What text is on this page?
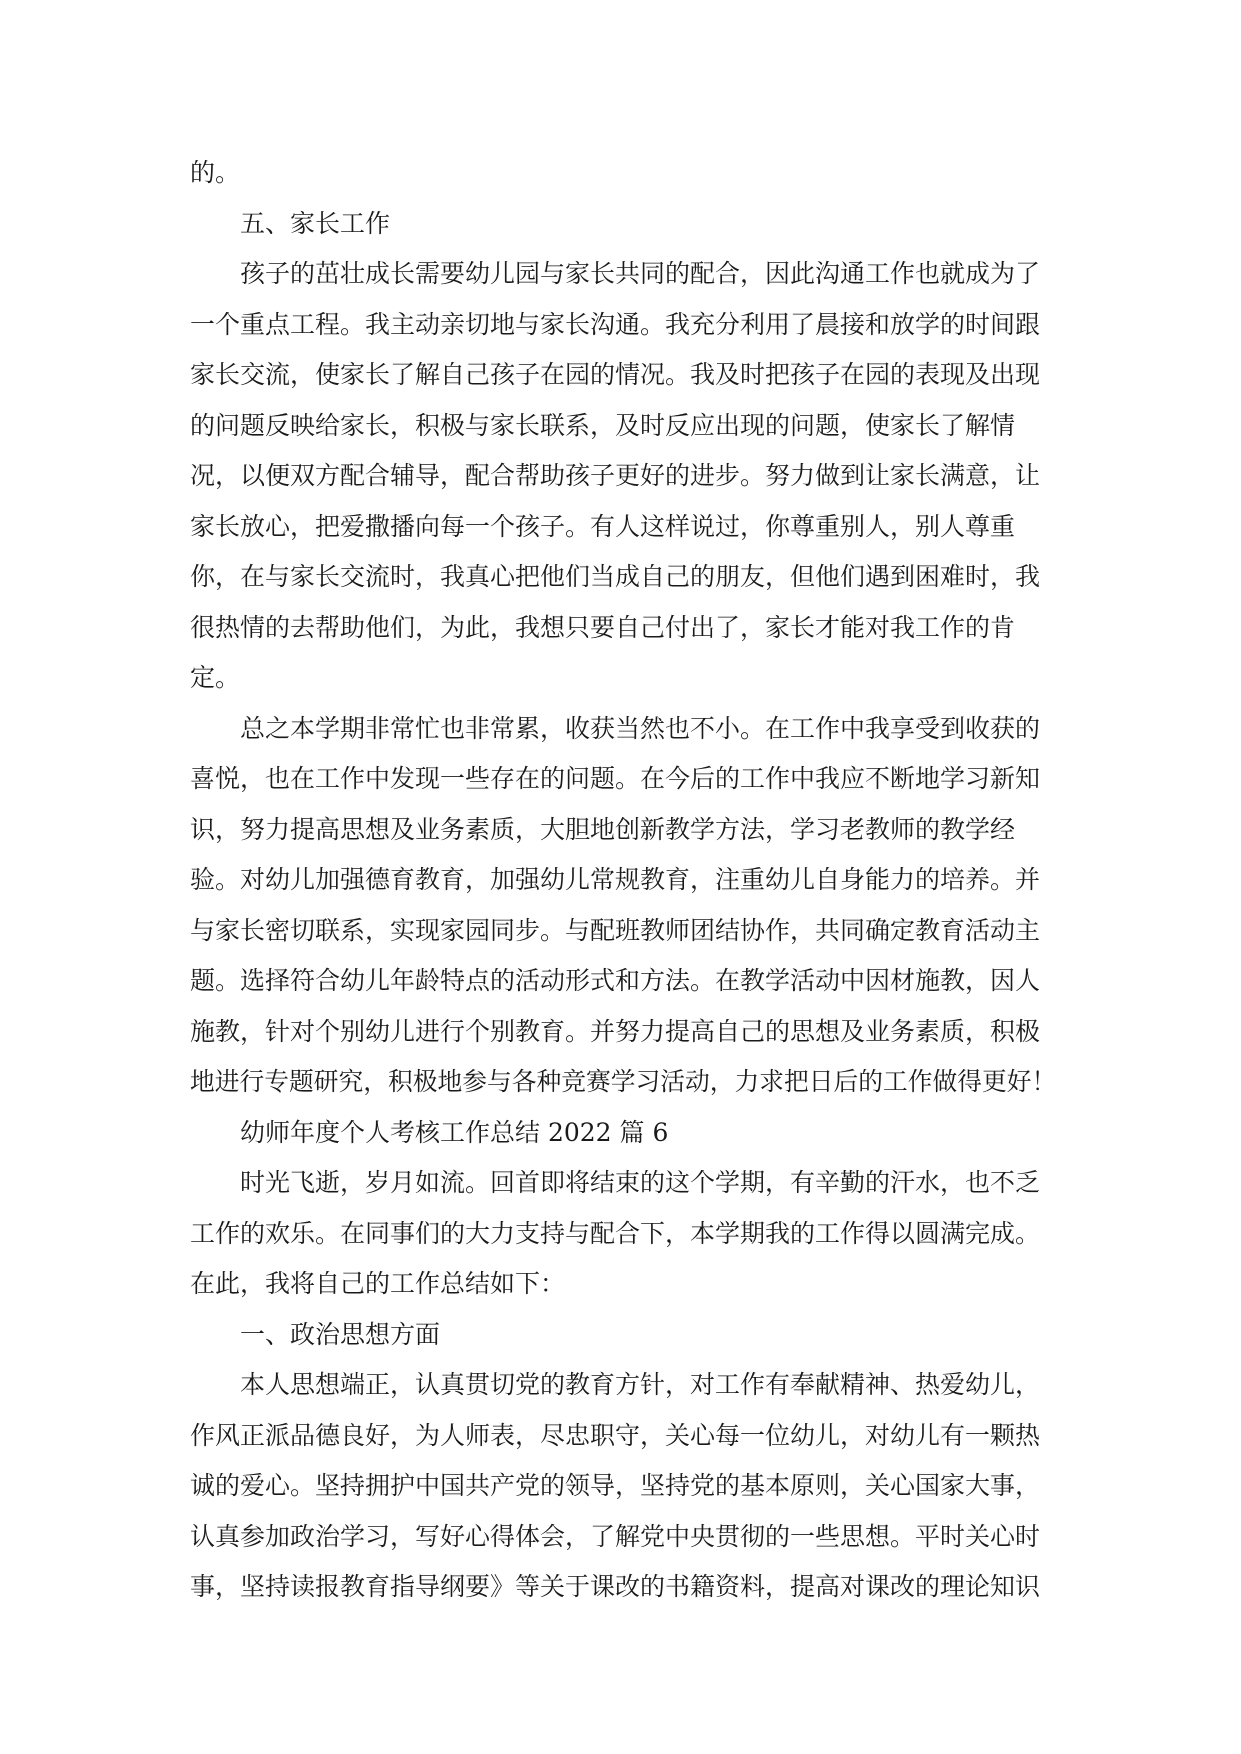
的。
五、家长工作
孩子的茁壮成长需要幼儿园与家长共同的配合，因此沟通工作也就成为了
一个重点工程。我主动亲切地与家长沟通。我充分利用了晨接和放学的时间跟
家长交流，使家长了解自己孩子在园的情况。我及时把孩子在园的表现及出现
的问题反映给家长，积极与家长联系，及时反应出现的问题，使家长了解情
况，以便双方配合辅导，配合帮助孩子更好的进步。努力做到让家长满意，让
家长放心，把爱撒播向每一个孩子。有人这样说过，你尊重别人，别人尊重
你，在与家长交流时，我真心把他们当成自己的朋友，但他们遇到困难时，我
很热情的去帮助他们，为此，我想只要自己付出了，家长才能对我工作的肯
定。
总之本学期非常忙也非常累，收获当然也不小。在工作中我享受到收获的
喜悦，也在工作中发现一些存在的问题。在今后的工作中我应不断地学习新知
识，努力提高思想及业务素质，大胆地创新教学方法，学习老教师的教学经
验。对幼儿加强德育教育，加强幼儿常规教育，注重幼儿自身能力的培养。并
与家长密切联系，实现家园同步。与配班教师团结协作，共同确定教育活动主
题。选择符合幼儿年龄特点的活动形式和方法。在教学活动中因材施教，因人
施教，针对个别幼儿进行个别教育。并努力提高自己的思想及业务素质，积极
地进行专题研究，积极地参与各种竞赛学习活动，力求把日后的工作做得更好！
幼师年度个人考核工作总结 2022 篇 6
时光飞逝，岁月如流。回首即将结束的这个学期，有辛勤的汗水，也不乏
工作的欢乐。在同事们的大力支持与配合下，本学期我的工作得以圆满完成。
在此，我将自己的工作总结如下：
一、政治思想方面
本人思想端正，认真贯切党的教育方针，对工作有奉献精神、热爱幼儿，
作风正派品德良好，为人师表，尽忠职守，关心每一位幼儿，对幼儿有一颗热
诚的爱心。坚持拥护中国共产党的领导，坚持党的基本原则，关心国家大事，
认真参加政治学习，写好心得体会，了解党中央贯彻的一些思想。平时关心时
事，坚持读报教育指导纲要》等关于课改的书籍资料，提高对课改的理论知识
